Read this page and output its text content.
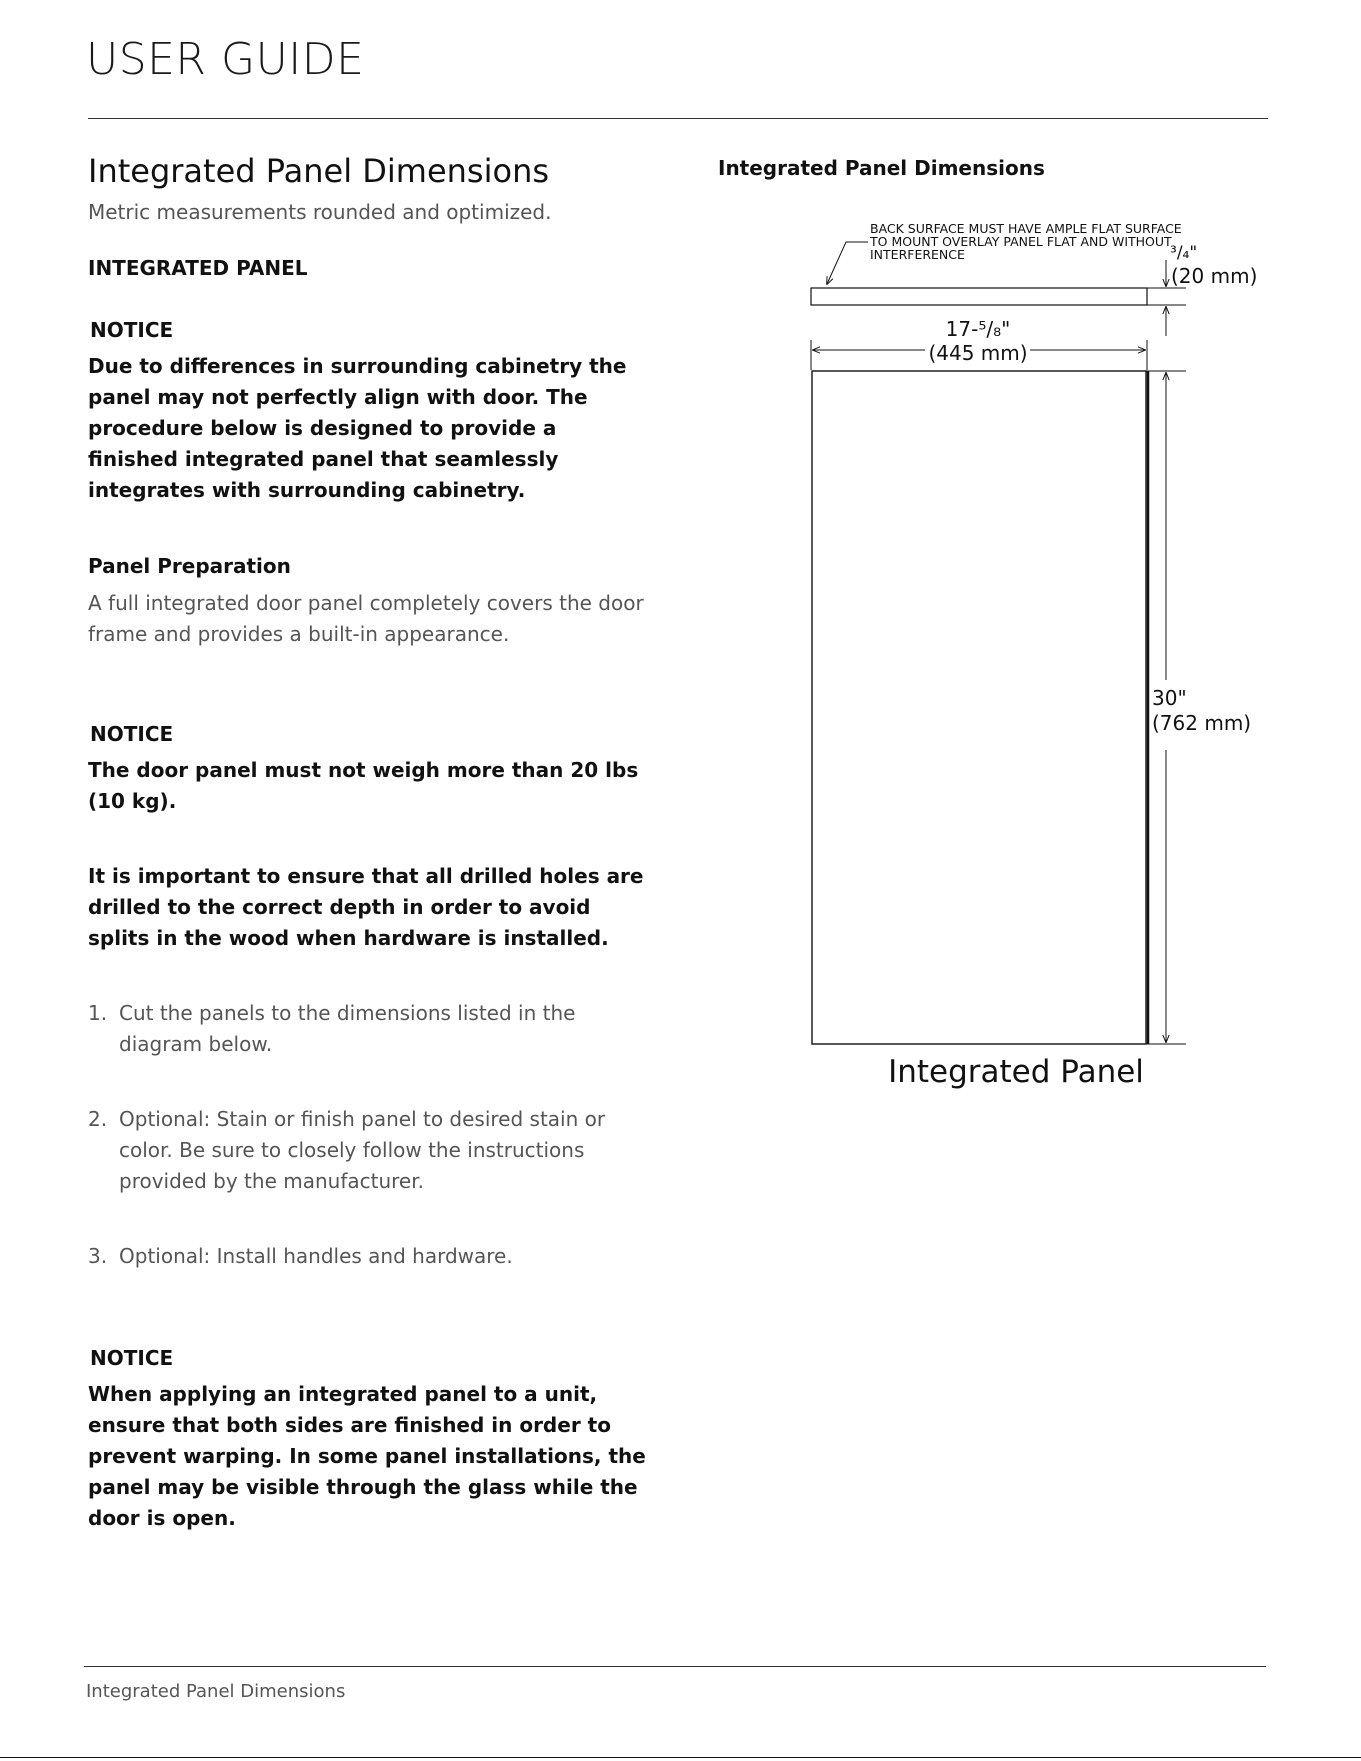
USER GUIDE
Integrated Panel Dimensions
Metric measurements rounded and optimized.
INTEGRATED PANEL
NOTICE
Due to differences in surrounding cabinetry the panel may not perfectly align with door. The procedure below is designed to provide a finished integrated panel that seamlessly integrates with surrounding cabinetry.
Panel Preparation
A full integrated door panel completely covers the door frame and provides a built-in appearance.
NOTICE
The door panel must not weigh more than 20 lbs (10 kg).
It is important to ensure that all drilled holes are drilled to the correct depth in order to avoid splits in the wood when hardware is installed.
1. Cut the panels to the dimensions listed in the diagram below.
2. Optional: Stain or finish panel to desired stain or color. Be sure to closely follow the instructions provided by the manufacturer.
3. Optional: Install handles and hardware.
NOTICE
When applying an integrated panel to a unit, ensure that both sides are finished in order to prevent warping. In some panel installations, the panel may be visible through the glass while the door is open.
Integrated Panel Dimensions
BACK SURFACE MUST HAVE AMPLE FLAT SURFACE
TO MOUNT OVERLAY PANEL FLAT AND WITHOUT
INTERFERENCE	³/₄"
(20 mm)
17-⁵/₈"
(445 mm)
30"
(762 mm)
Integrated Panel
Integrated Panel Dimensions
